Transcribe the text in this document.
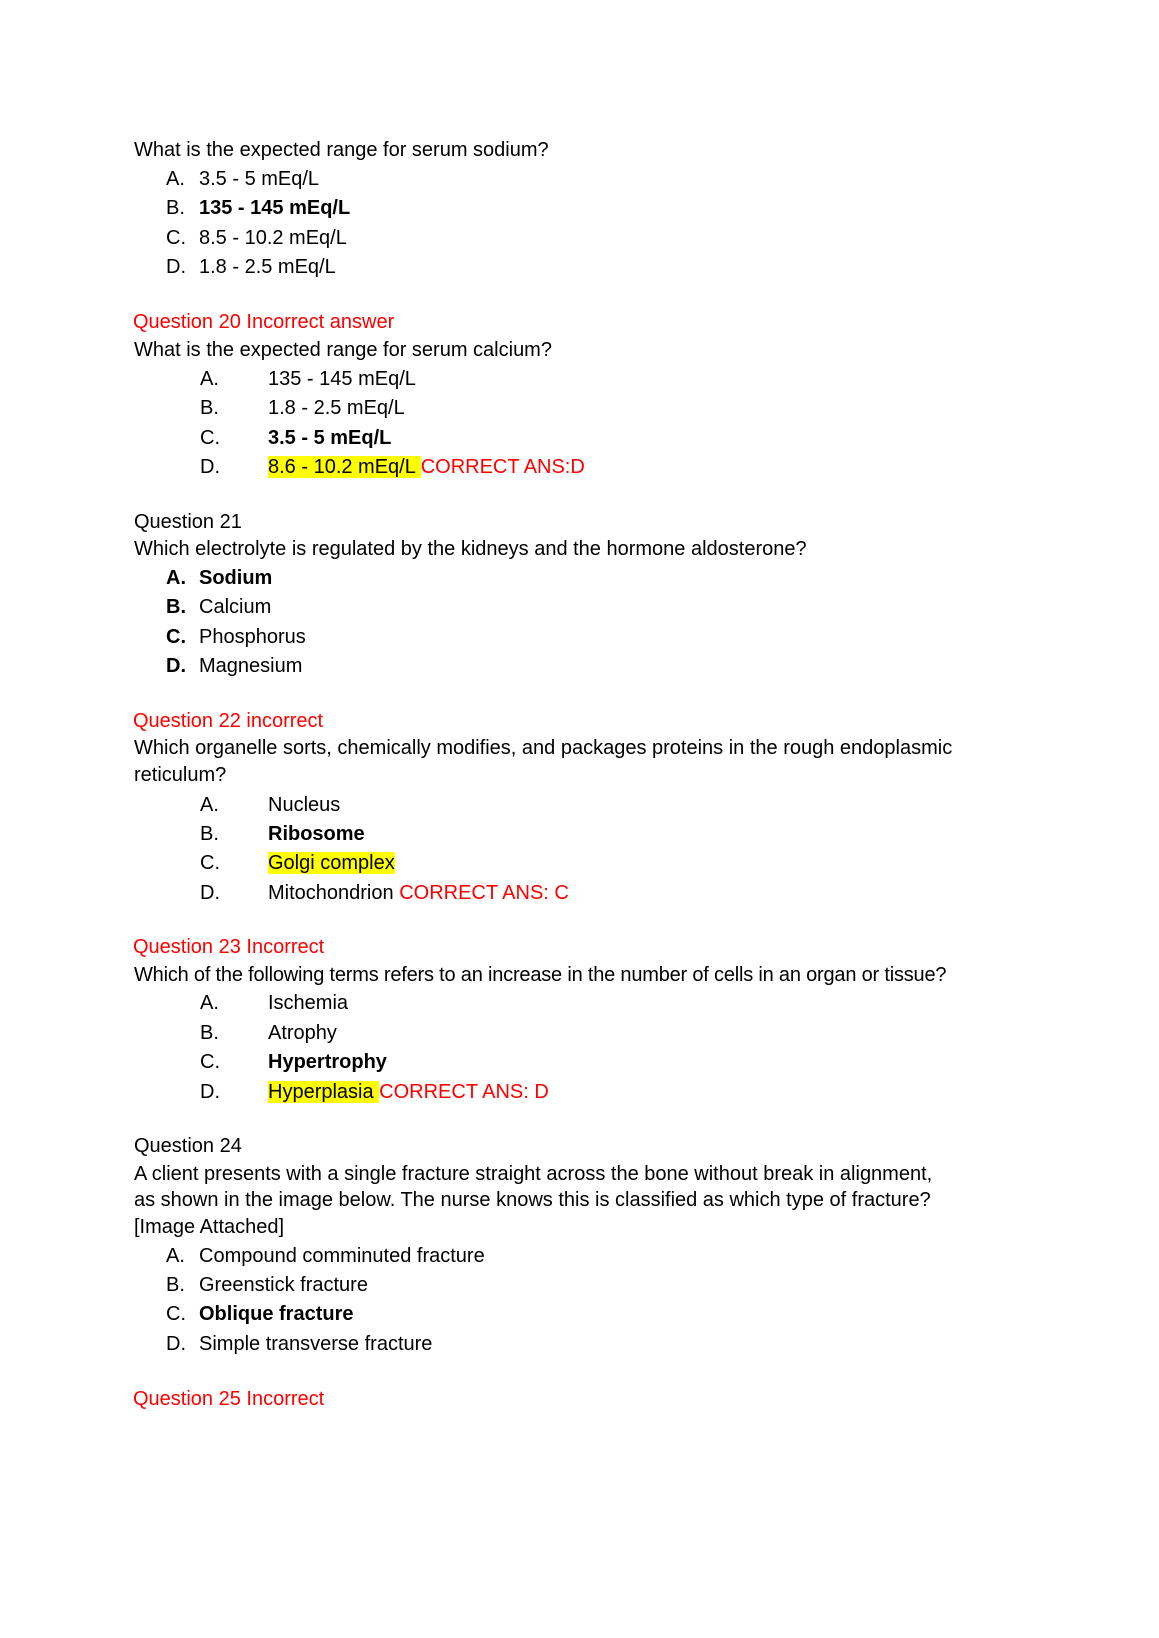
What is the expected range for serum sodium?
A. 3.5 - 5 mEq/L
B. 135 - 145 mEq/L
C. 8.5 - 10.2 mEq/L
D. 1.8 - 2.5 mEq/L
Question 20 Incorrect answer
What is the expected range for serum calcium?
A. 135 - 145 mEq/L
B. 1.8 - 2.5 mEq/L
C. 3.5 - 5 mEq/L
D. 8.6 - 10.2 mEq/L CORRECT ANS:D
Question 21
Which electrolyte is regulated by the kidneys and the hormone aldosterone?
A. Sodium
B. Calcium
C. Phosphorus
D. Magnesium
Question 22 incorrect
Which organelle sorts, chemically modifies, and packages proteins in the rough endoplasmic
reticulum?
A. Nucleus
B. Ribosome
C. Golgi complex
D. Mitochondrion CORRECT ANS: C
Question 23 Incorrect
Which of the following terms refers to an increase in the number of cells in an organ or tissue?
A. Ischemia
B. Atrophy
C. Hypertrophy
D. Hyperplasia CORRECT ANS: D
Question 24
A client presents with a single fracture straight across the bone without break in alignment,
as shown in the image below. The nurse knows this is classified as which type of fracture?
[Image Attached]
A. Compound comminuted fracture
B. Greenstick fracture
C. Oblique fracture
D. Simple transverse fracture
Question 25 Incorrect
